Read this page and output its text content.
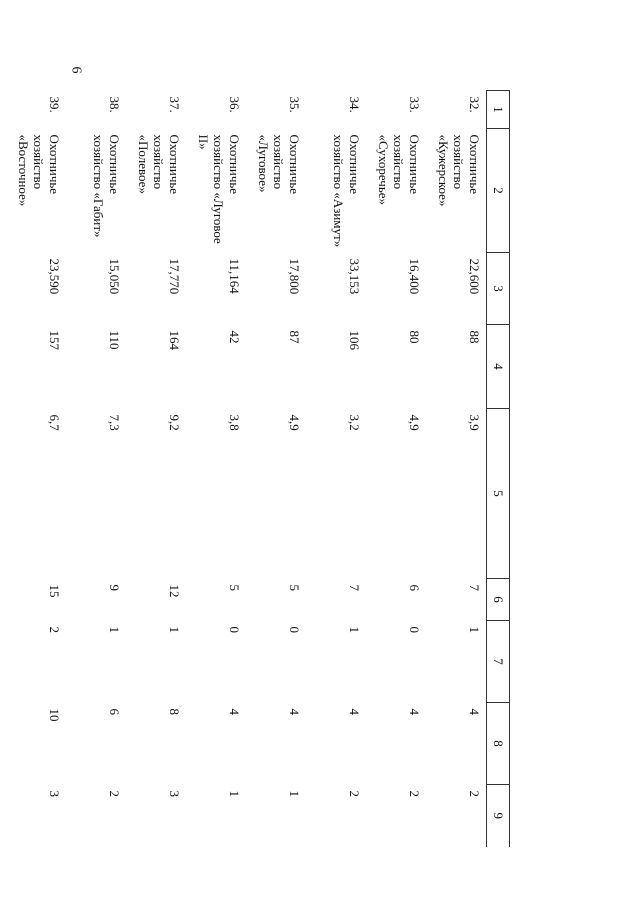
6
1	2	3	4	5	6	7	8	9
32.	Охотничье хозяйство «Кужерское»	22,600	88	3,9	7	1	4	2
33.	Охотничье хозяйство «Сухоречье»	16,400	80	4,9	6	0	4	2
34.	Охотничье хозяйство «Азимут»	33,153	106	3,2	7	1	4	2
35.	Охотничье хозяйство «Луговое»	17,800	87	4,9	5	0	4	1
36.	Охотничье хозяйство «Луговое II»	11,164	42	3,8	5	0	4	1
37.	Охотничье хозяйство «Полевое»	17,770	164	9,2	12	1	8	3
38.	Охотничье хозяйство «Габит»	15,050	110	7,3	9	1	6	2
39.	Охотничье хозяйство «Восточное»	23,590	157	6,7	15	2	10	3
